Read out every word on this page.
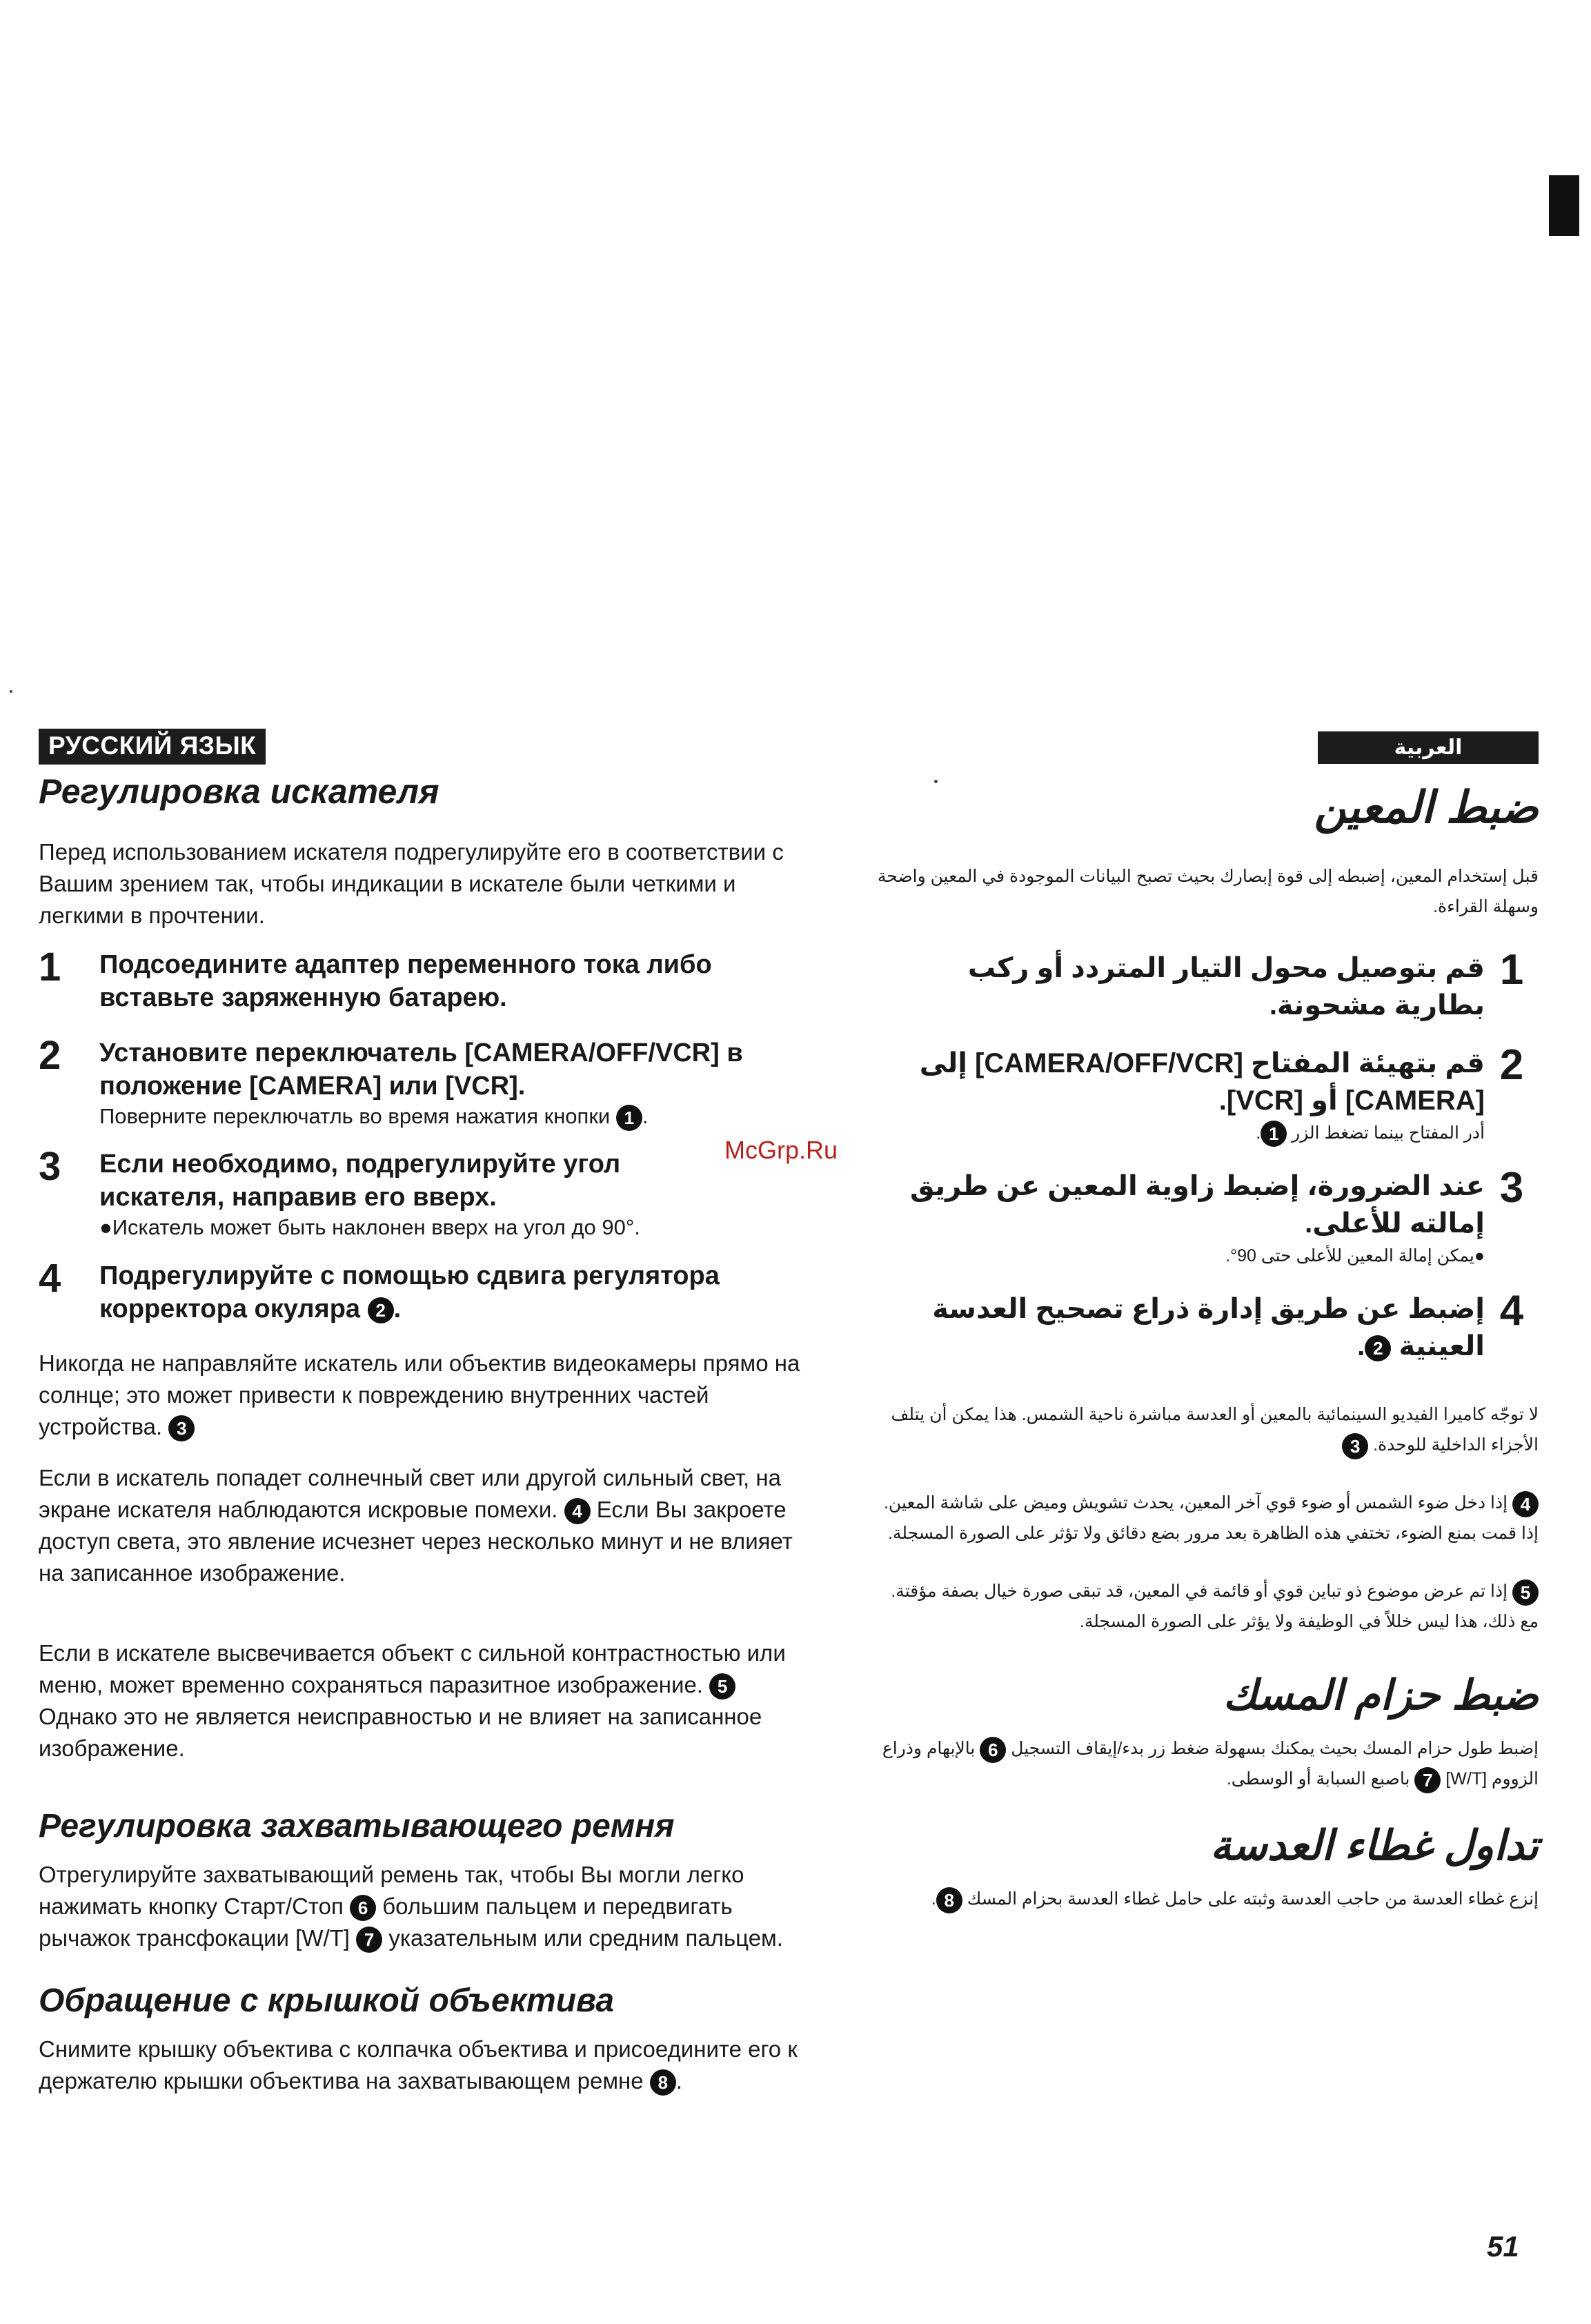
РУССКИЙ ЯЗЫК
Регулировка искателя

Перед использованием искателя подрегулируйте его в соответствии с Вашим зрением так, чтобы индикации в искателе были четкими и легкими в прочтении.

1	Подсоедините адаптер переменного тока либо вставьте заряженную батарею.
2	Установите переключатель [CAMERA/OFF/VCR] в положение [CAMERA] или [VCR].
Поверните переключатль во время нажатия кнопки 1 .
3	Если необходимо, подрегулируйте угол искателя, направив его вверх.
●Искатель может быть наклонен вверх на угол до 90°.
4	Подрегулируйте с помощью сдвига регулятора корректора окуляра 2 .

Никогда не направляйте искатель или объектив видеокамеры прямо на солнце; это может привести к повреждению внутренних частей устройства. 3

Если в искатель попадет солнечный свет или другой сильный свет, на экране искателя наблюдаются искровые помехи. 4 Если Вы закроете доступ света, это явление исчезнет через несколько минут и не влияет на записанное изображение.

Если в искателе высвечивается объект с сильной контрастностью или меню, может временно сохраняться паразитное изображение. 5 Однако это не является неисправностью и не влияет на записанное изображение.

Регулировка захватывающего ремня

Отрегулируйте захватывающий ремень так, чтобы Вы могли легко нажимать кнопку Старт/Стоп 6 большим пальцем и передвигать рычажок трансфокации [W/T] 7 указательным или средним пальцем.

Обращение с крышкой объектива

Снимите крышку объектива с колпачка объектива и присоедините его к держателю крышки объектива на захватывающем ремне 8 .

العربية
ضبط المعين

قبل إستخدام المعين، إضبطه إلى قوة إبصارك بحيث تصبح البيانات الموجودة في المعين واضحة وسهلة القراءة.

1
قم بتوصيل محول التيار المتردد أو ركب بطارية مشحونة.
2
قم بتهيئة المفتاح [CAMERA/OFF/VCR] إلى [CAMERA] أو [VCR].
أدر المفتاح بينما تضغط الزر 1.
3
عند الضرورة، إضبط زاوية المعين عن طريق إمالته للأعلى.
●يمكن إمالة المعين للأعلى حتى 90°.
4
إضبط عن طريق إدارة ذراع تصحيح العدسة العينية 2.

لا توجّه كاميرا الفيديو السينمائية بالمعين أو العدسة مباشرة ناحية الشمس. هذا يمكن أن يتلف الأجزاء الداخلية للوحدة. 3

4 إذا دخل ضوء الشمس أو ضوء قوي آخر المعين، يحدث تشويش وميض على شاشة المعين. إذا قمت بمنع الضوء، تختفي هذه الظاهرة بعد مرور بضع دقائق ولا تؤثر على الصورة المسجلة.

5 إذا تم عرض موضوع ذو تباين قوي أو قائمة في المعين، قد تبقى صورة خيال بصفة مؤقتة. مع ذلك، هذا ليس خللاً في الوظيفة ولا يؤثر على الصورة المسجلة.

ضبط حزام المسك

إضبط طول حزام المسك بحيث يمكنك بسهولة ضغط زر بدء/إيقاف التسجيل 6 بالإبهام وذراع الزووم [W/T] 7 باصبع السبابة أو الوسطى.

تداول غطاء العدسة

إنزع غطاء العدسة من حاجب العدسة وثبته على حامل غطاء العدسة بحزام المسك 8.

McGrp.Ru
51
